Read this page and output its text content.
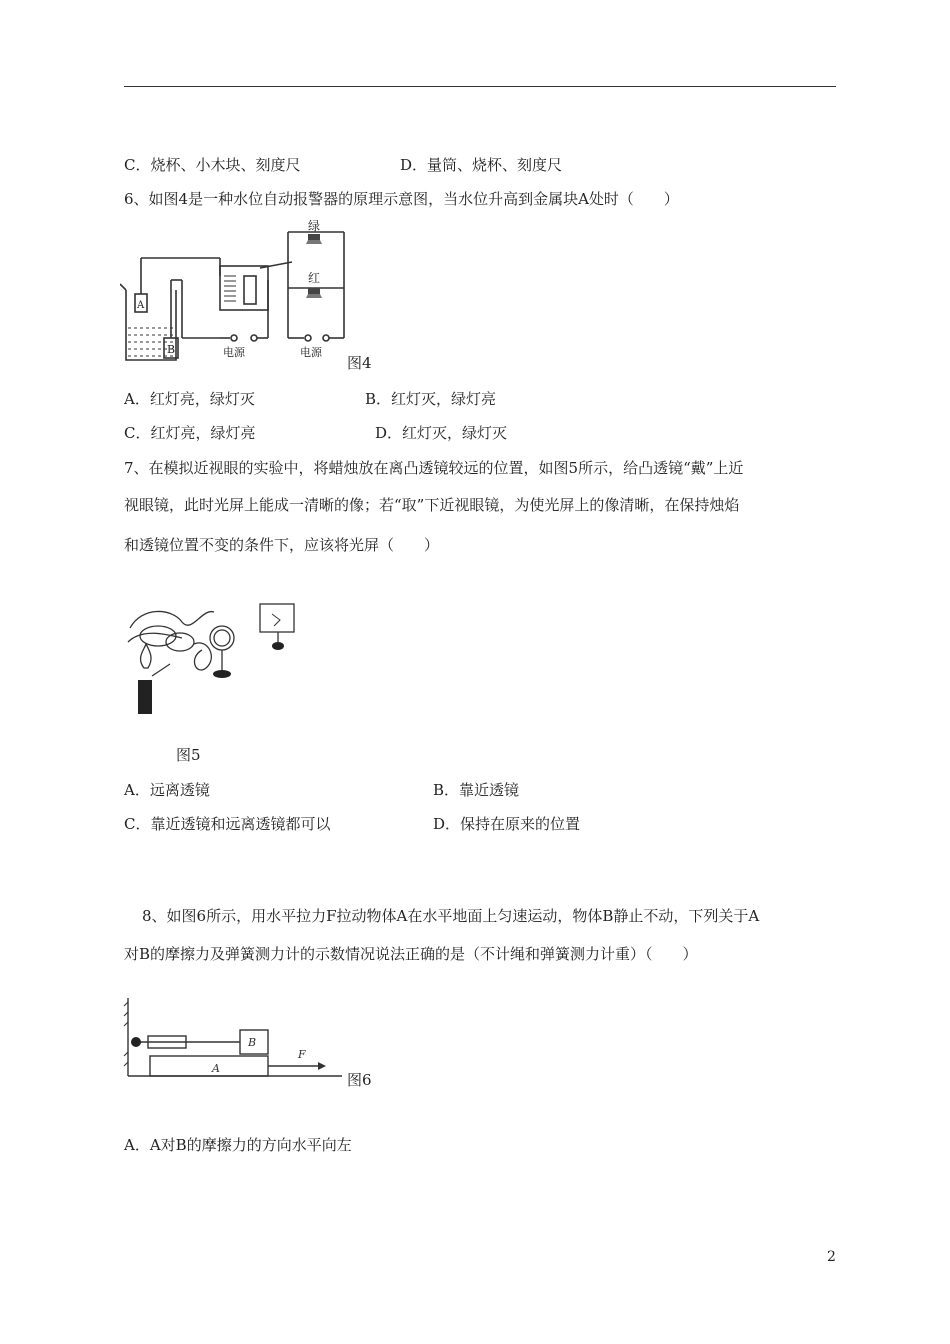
C．烧杯、小木块、刻度尺	D．量筒、烧杯、刻度尺
6、如图4是一种水位自动报警器的原理示意图，当水位升高到金属块A处时（　　）
绿
红
电源	电源
A
B
图4
A．红灯亮，绿灯灭	B．红灯灭，绿灯亮
C．红灯亮，绿灯亮	D．红灯灭，绿灯灭
7、在模拟近视眼的实验中，将蜡烛放在离凸透镜较远的位置，如图5所示，给凸透镜“戴”上近
视眼镜，此时光屏上能成一清晰的像；若“取”下近视眼镜，为使光屏上的像清晰，在保持烛焰
和透镜位置不变的条件下，应该将光屏（　　）
图5
A．远离透镜	B．靠近透镜
C．靠近透镜和远离透镜都可以	D．保持在原来的位置
8、如图6所示，用水平拉力F拉动物体A在水平地面上匀速运动，物体B静止不动，下列关于A
对B的摩擦力及弹簧测力计的示数情况说法正确的是（不计绳和弹簧测力计重）（　　）
B
A
F
图6
A．A对B的摩擦力的方向水平向左
2
